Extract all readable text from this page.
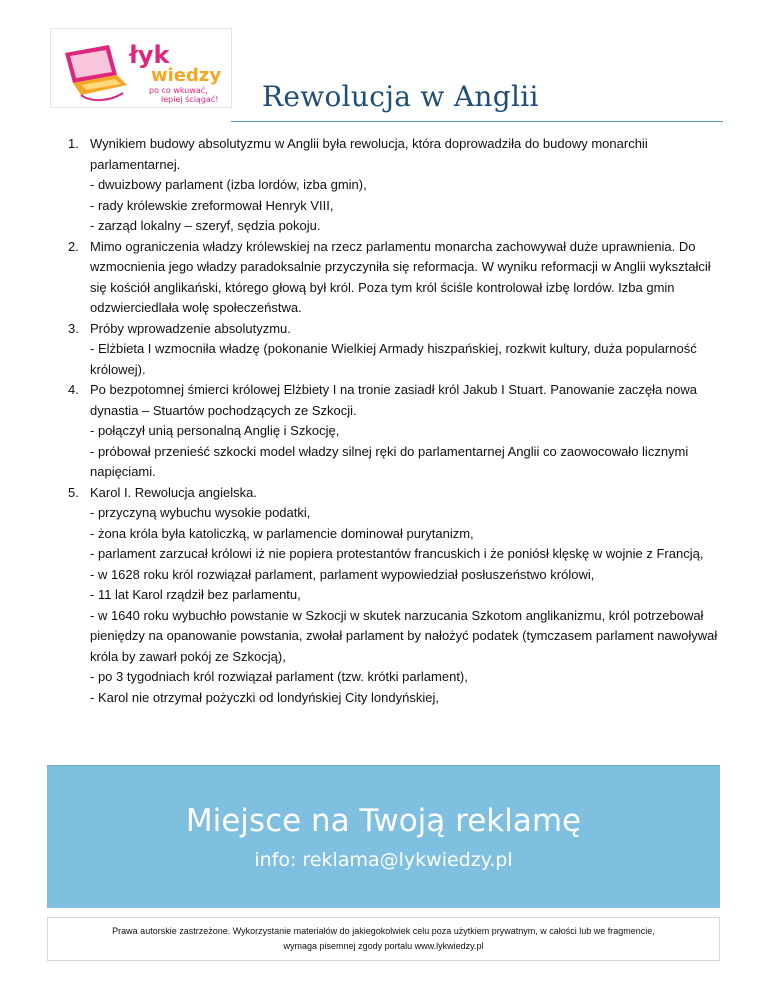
łyk
wiedzy
po co wkuwać,
lepiej ściągać! Rewolucja w Anglii
1. Wynikiem budowy absolutyzmu w Anglii była rewolucja, która doprowadziła do budowy monarchii parlamentarnej.
- dwuizbowy parlament (izba lordów, izba gmin),
- rady królewskie zreformował Henryk VIII,
- zarząd lokalny – szeryf, sędzia pokoju.
2. Mimo ograniczenia władzy królewskiej na rzecz parlamentu monarcha zachowywał duże uprawnienia. Do wzmocnienia jego władzy paradoksalnie przyczyniła się reformacja. W wyniku reformacji w Anglii wykształcił się kościół anglikański, którego głową był król. Poza tym król ściśle kontrolował izbę lordów. Izba gmin odzwierciedlała wolę społeczeństwa.
3. Próby wprowadzenie absolutyzmu.
- Elżbieta I wzmocniła władzę (pokonanie Wielkiej Armady hiszpańskiej, rozkwit kultury, duża popularność królowej).
4. Po bezpotomnej śmierci królowej Elżbiety I na tronie zasiadł król Jakub I Stuart. Panowanie zaczęła nowa dynastia – Stuartów pochodzących ze Szkocji.
- połączył unią personalną Anglię i Szkocję,
- próbował przenieść szkocki model władzy silnej ręki do parlamentarnej Anglii co zaowocowało licznymi napięciami.
5. Karol I. Rewolucja angielska.
- przyczyną wybuchu wysokie podatki,
- żona króla była katoliczką, w parlamencie dominował purytanizm,
- parlament zarzucał królowi iż nie popiera protestantów francuskich i że poniósł klęskę w wojnie z Francją,
- w 1628 roku król rozwiązał parlament, parlament wypowiedział posłuszeństwo królowi,
- 11 lat Karol rządził bez parlamentu,
- w 1640 roku wybuchło powstanie w Szkocji w skutek narzucania Szkotom anglikanizmu, król potrzebował pieniędzy na opanowanie powstania, zwołał parlament by nałożyć podatek (tymczasem parlament nawoływał króla by zawarł pokój ze Szkocją),
- po 3 tygodniach król rozwiązał parlament (tzw. krótki parlament),
- Karol nie otrzymał pożyczki od londyńskiej City londyńskiej,
Miejsce na Twoją reklamę
info: reklama@lykwiedzy.pl
Prawa autorskie zastrzeżone. Wykorzystanie materiałów do jakiegokolwiek celu poza użytkiem prywatnym, w całości lub we fragmencie,
wymaga pisemnej zgody portalu www.lykwiedzy.pl
